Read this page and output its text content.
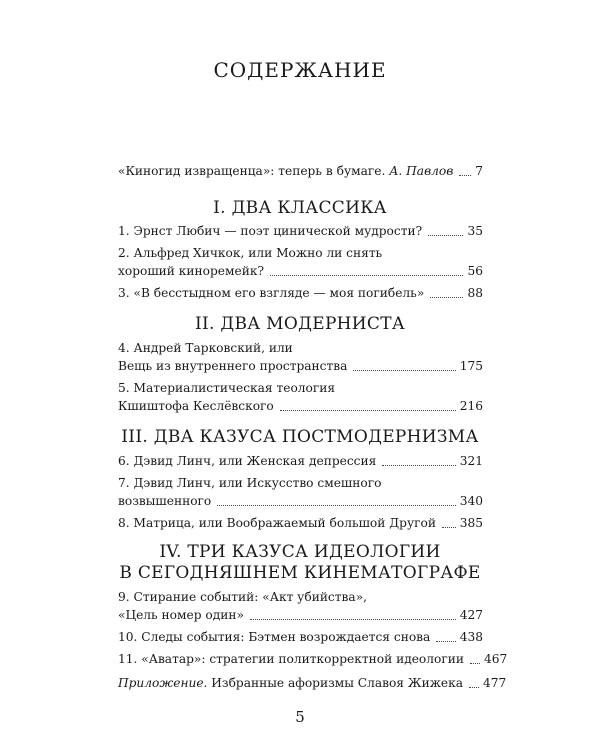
СОДЕРЖАНИЕ
«Киногид извращенца»: теперь в бумаге. А. Павлов 7
I. ДВА КЛАССИКА
1. Эрнст Любич — поэт цинической мудрости?	35
2. Альфред Хичкок, или Можно ли снять
хороший кинoремейк?	56
3. «В бесстыдном его взгляде — моя погибель»	88
II. ДВА МОДЕРНИСТА
4. Андрей Тарковский, или
Вещь из внутреннего пространства	175
5. Материалистическая теология
Кшиштофа Кеслёвского	216
III. ДВА КАЗУСА ПОСТМОДЕРНИЗМА
6. Дэвид Линч, или Женская депрессия	321
7. Дэвид Линч, или Искусство смешного
возвышенного	340
8. Матрица, или Воображаемый большой Другой 385
IV. ТРИ КАЗУСА ИДЕОЛОГИИ
В СЕГОДНЯШНЕМ КИНЕМАТОГРАФЕ
9. Стирание событий: «Акт убийства»,
«Цель номер один»	427
10. Следы события: Бэтмен возрождается снова 438
11. «Аватар»: стратегии политкорректной идеологии 467
Приложение. Избранные афоризмы Славоя Жижека 477
5
